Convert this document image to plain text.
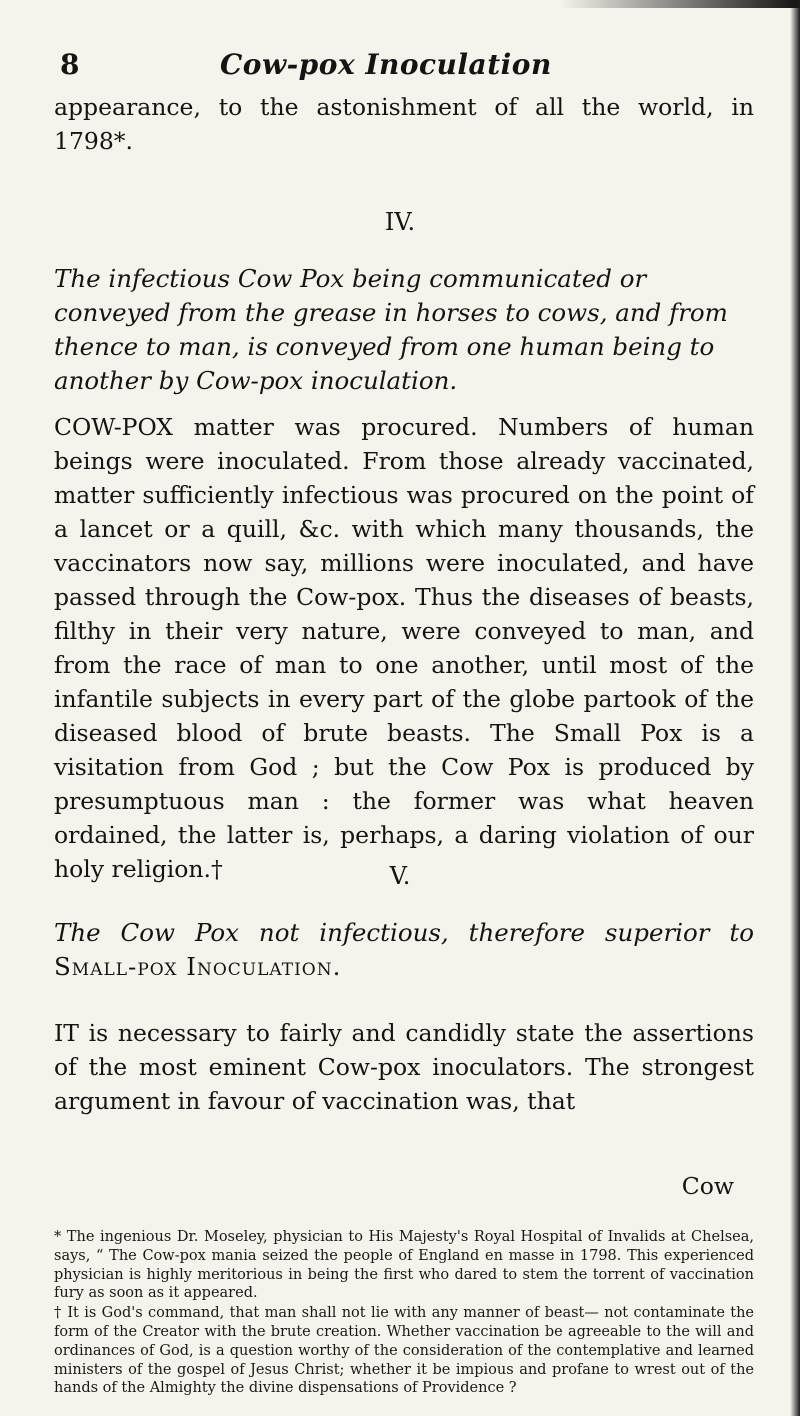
8	Cow-pox Inoculation
appearance, to the astonishment of all the world, in 1798*.
IV.
The infectious Cow Pox being communicated or conveyed from the grease in horses to cows, and from thence to man, is conveyed from one human being to another by Cow-pox inoculation.
COW-POX matter was procured. Numbers of human beings were inoculated. From those already vaccinated, matter sufficiently infectious was procured on the point of a lancet or a quill, &c. with which many thousands, the vaccinators now say, millions were inoculated, and have passed through the Cow-pox. Thus the diseases of beasts, filthy in their very nature, were conveyed to man, and from the race of man to one another, until most of the infantile subjects in every part of the globe partook of the diseased blood of brute beasts. The Small Pox is a visitation from God ; but the Cow Pox is produced by presumptuous man : the former was what heaven ordained, the latter is, perhaps, a daring violation of our holy religion.†	V.
The Cow Pox not infectious, therefore superior to Small-pox Inoculation.
IT is necessary to fairly and candidly state the assertions of the most eminent Cow-pox inoculators. The strongest argument in favour of vaccination was, that
Cow

* The ingenious Dr. Moseley, physician to His Majesty's Royal Hospital of Invalids at Chelsea, says, “ The Cow-pox mania seized the people of England en masse in 1798. This experienced physician is highly meritorious in being the first who dared to stem the torrent of vaccination fury as soon as it appeared.

† It is God's command, that man shall not lie with any manner of beast— not contaminate the form of the Creator with the brute creation. Whether vaccination be agreeable to the will and ordinances of God, is a question worthy of the consideration of the contemplative and learned ministers of the gospel of Jesus Christ; whether it be impious and profane to wrest out of the hands of the Almighty the divine dispensations of Providence ?
